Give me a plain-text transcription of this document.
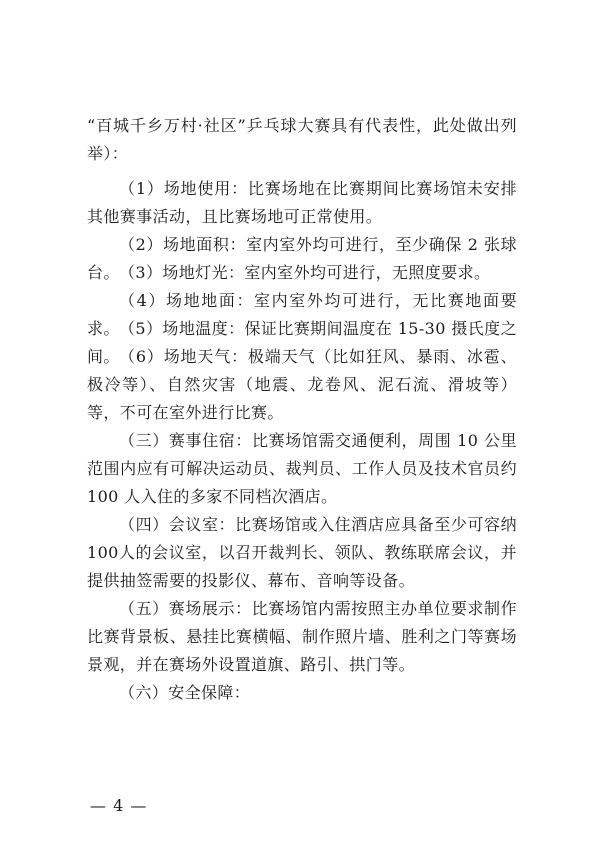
“百城千乡万村·社区”乒乓球大赛具有代表性，此处做出列举）：

（1）场地使用：比赛场地在比赛期间比赛场馆未安排其他赛事活动，且比赛场地可正常使用。

（2）场地面积：室内室外均可进行，至少确保 2 张球台。 （3）场地灯光：室内室外均可进行，无照度要求。

（4）场地地面：室内室外均可进行，无比赛地面要求。 （5）场地温度：保证比赛期间温度在 15-30 摄氏度之间。 （6）场地天气：极端天气（比如狂风、暴雨、冰雹、极冷等）、自然灾害（地震、龙卷风、泥石流、滑坡等）等，不可在室外进行比赛。

（三）赛事住宿：比赛场馆需交通便利，周围 10 公里范围内应有可解决运动员、裁判员、工作人员及技术官员约 100 人入住的多家不同档次酒店。

（四）会议室：比赛场馆或入住酒店应具备至少可容纳100人的会议室，以召开裁判长、领队、教练联席会议，并提供抽签需要的投影仪、幕布、音响等设备。

（五）赛场展示：比赛场馆内需按照主办单位要求制作比赛背景板、悬挂比赛横幅、制作照片墙、胜利之门等赛场景观，并在赛场外设置道旗、路引、拱门等。

（六）安全保障：

— 4 —
